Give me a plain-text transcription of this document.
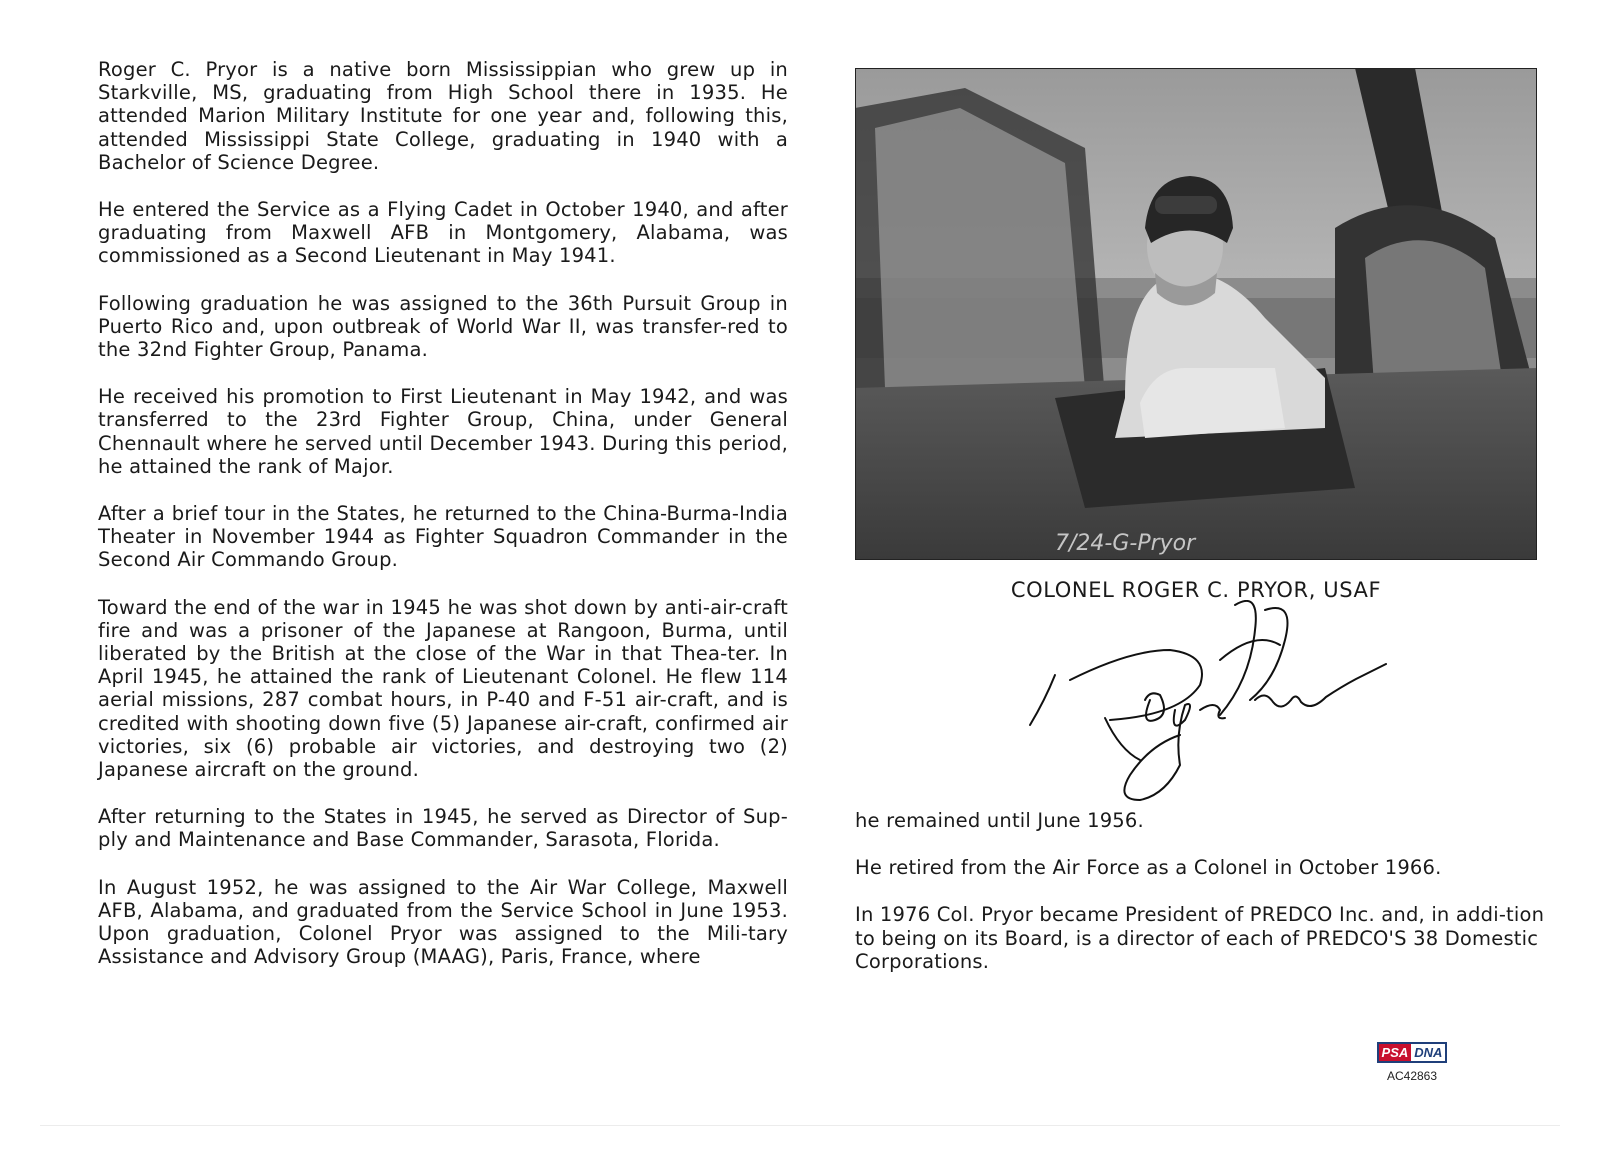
Roger C. Pryor is a native born Mississippian who grew up in Starkville, MS, graduating from High School there in 1935. He attended Marion Military Institute for one year and, following this, attended Mississippi State College, graduating in 1940 with a Bachelor of Science Degree.

He entered the Service as a Flying Cadet in October 1940, and after graduating from Maxwell AFB in Montgomery, Alabama, was commissioned as a Second Lieutenant in May 1941.

Following graduation he was assigned to the 36th Pursuit Group in Puerto Rico and, upon outbreak of World War II, was transfer-red to the 32nd Fighter Group, Panama.

He received his promotion to First Lieutenant in May 1942, and was transferred to the 23rd Fighter Group, China, under General Chennault where he served until December 1943. During this period, he attained the rank of Major.

After a brief tour in the States, he returned to the China-Burma-India Theater in November 1944 as Fighter Squadron Commander in the Second Air Commando Group.

Toward the end of the war in 1945 he was shot down by anti-air-craft fire and was a prisoner of the Japanese at Rangoon, Burma, until liberated by the British at the close of the War in that Thea-ter. In April 1945, he attained the rank of Lieutenant Colonel. He flew 114 aerial missions, 287 combat hours, in P-40 and F-51 air-craft, and is credited with shooting down five (5) Japanese air-craft, confirmed air victories, six (6) probable air victories, and destroying two (2) Japanese aircraft on the ground.

After returning to the States in 1945, he served as Director of Sup-ply and Maintenance and Base Commander, Sarasota, Florida.

In August 1952, he was assigned to the Air War College, Maxwell AFB, Alabama, and graduated from the Service School in June 1953. Upon graduation, Colonel Pryor was assigned to the Mili-tary Assistance and Advisory Group (MAAG), Paris, France, where

7/24-G-Pryor
COLONEL ROGER C. PRYOR, USAF

he remained until June 1956.

He retired from the Air Force as a Colonel in October 1966.

In 1976 Col. Pryor became President of PREDCO Inc. and, in addi-tion to being on its Board, is a director of each of PREDCO'S 38 Domestic Corporations.

PSA DNA
AC42863
